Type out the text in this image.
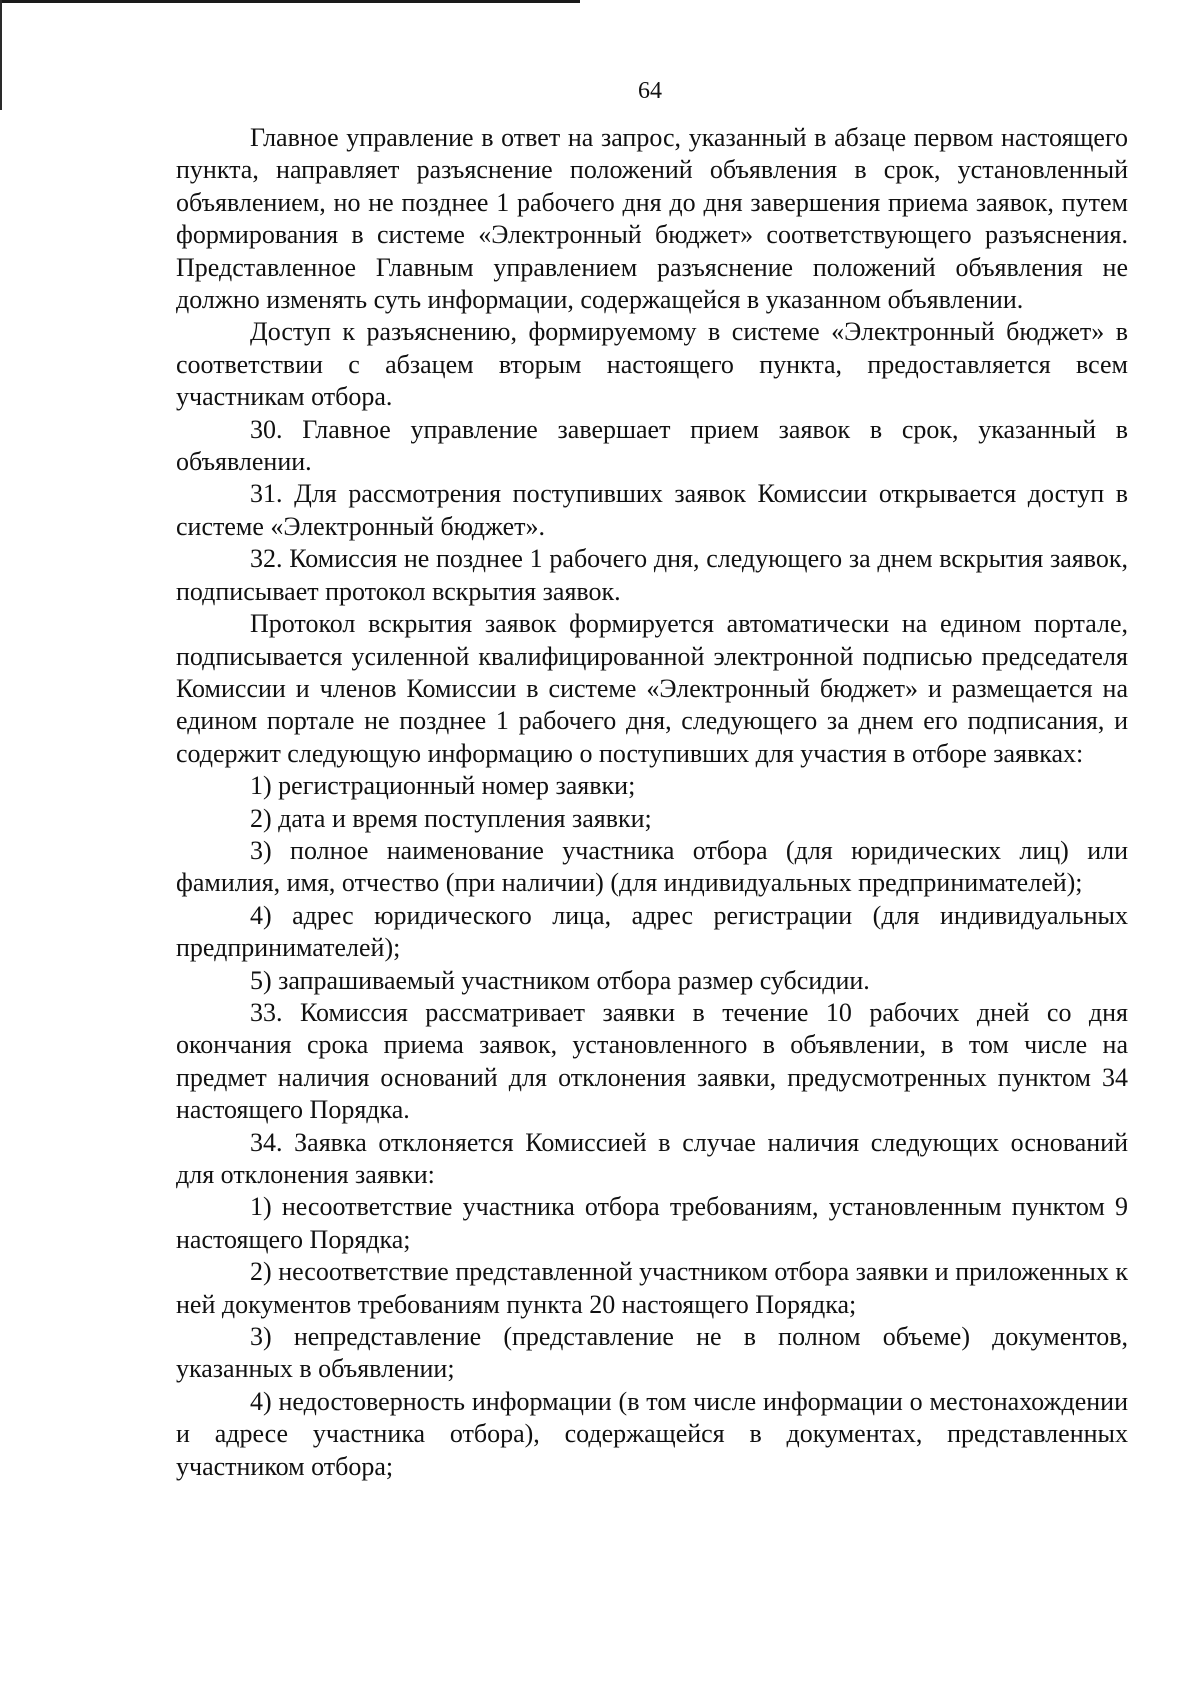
64

Главное управление в ответ на запрос, указанный в абзаце первом настоящего пункта, направляет разъяснение положений объявления в срок, установленный объявлением, но не позднее 1 рабочего дня до дня завершения приема заявок, путем формирования в системе «Электронный бюджет» соответствующего разъяснения. Представленное Главным управлением разъяснение положений объявления не должно изменять суть информации, содержащейся в указанном объявлении.

Доступ к разъяснению, формируемому в системе «Электронный бюджет» в соответствии с абзацем вторым настоящего пункта, предоставляется всем участникам отбора.

30. Главное управление завершает прием заявок в срок, указанный в объявлении.

31. Для рассмотрения поступивших заявок Комиссии открывается доступ в системе «Электронный бюджет».

32. Комиссия не позднее 1 рабочего дня, следующего за днем вскрытия заявок, подписывает протокол вскрытия заявок.

Протокол вскрытия заявок формируется автоматически на едином портале, подписывается усиленной квалифицированной электронной подписью председателя Комиссии и членов Комиссии в системе «Электронный бюджет» и размещается на едином портале не позднее 1 рабочего дня, следующего за днем его подписания, и содержит следующую информацию о поступивших для участия в отборе заявках:

1) регистрационный номер заявки;

2) дата и время поступления заявки;

3) полное наименование участника отбора (для юридических лиц) или фамилия, имя, отчество (при наличии) (для индивидуальных предпринимателей);

4) адрес юридического лица, адрес регистрации (для индивидуальных предпринимателей);

5) запрашиваемый участником отбора размер субсидии.

33. Комиссия рассматривает заявки в течение 10 рабочих дней со дня окончания срока приема заявок, установленного в объявлении, в том числе на предмет наличия оснований для отклонения заявки, предусмотренных пунктом 34 настоящего Порядка.

34. Заявка отклоняется Комиссией в случае наличия следующих оснований для отклонения заявки:

1) несоответствие участника отбора требованиям, установленным пунктом 9 настоящего Порядка;

2) несоответствие представленной участником отбора заявки и приложенных к ней документов требованиям пункта 20 настоящего Порядка;

3) непредставление (представление не в полном объеме) документов, указанных в объявлении;

4) недостоверность информации (в том числе информации о местонахождении и адресе участника отбора), содержащейся в документах, представленных участником отбора;
